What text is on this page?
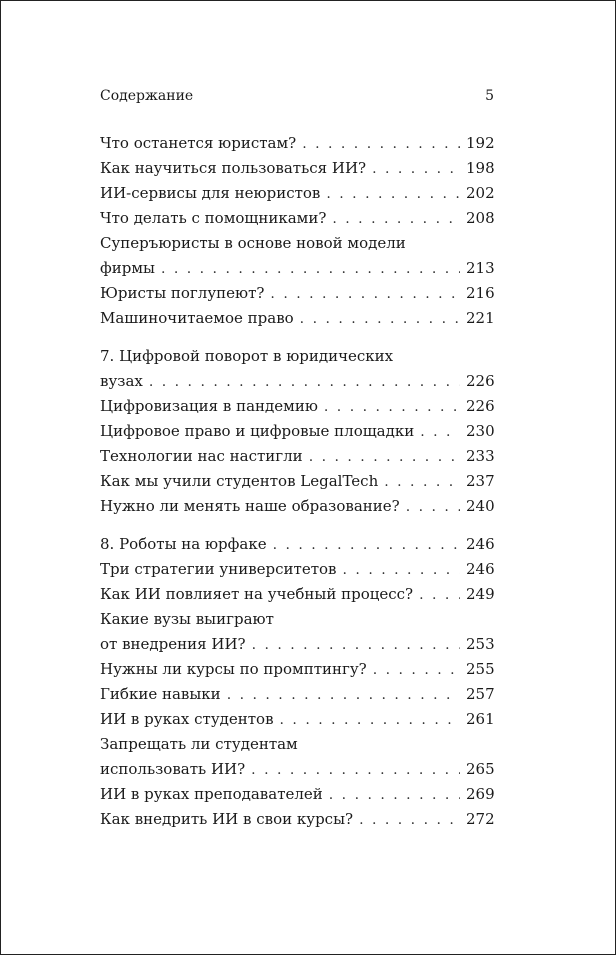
Содержание	5
Что останется юристам? . . .	192
Как научиться пользоваться ИИ? . . .	198
ИИ-сервисы для неюристов . . .	202
Что делать с помощниками? . . .	208
Суперъюристы в основе новой модели
фирмы . . .	213
Юристы поглупеют? . . .	216
Машиночитаемое право . . .	221
7. Цифровой поворот в юридических
вузах . . .	226
Цифровизация в пандемию . . .	226
Цифровое право и цифровые площадки . . .	230
Технологии нас настигли . . .	233
Как мы учили студентов LegalTech . . .	237
Нужно ли менять наше образование? . . .	240
8. Роботы на юрфаке . . .	246
Три стратегии университетов . . .	246
Как ИИ повлияет на учебный процесс? . . .	249
Какие вузы выиграют
от внедрения ИИ? . . .	253
Нужны ли курсы по промптингу? . . .	255
Гибкие навыки . . .	257
ИИ в руках студентов . . .	261
Запрещать ли студентам
использовать ИИ? . . .	265
ИИ в руках преподавателей . . .	269
Как внедрить ИИ в свои курсы? . . .	272
